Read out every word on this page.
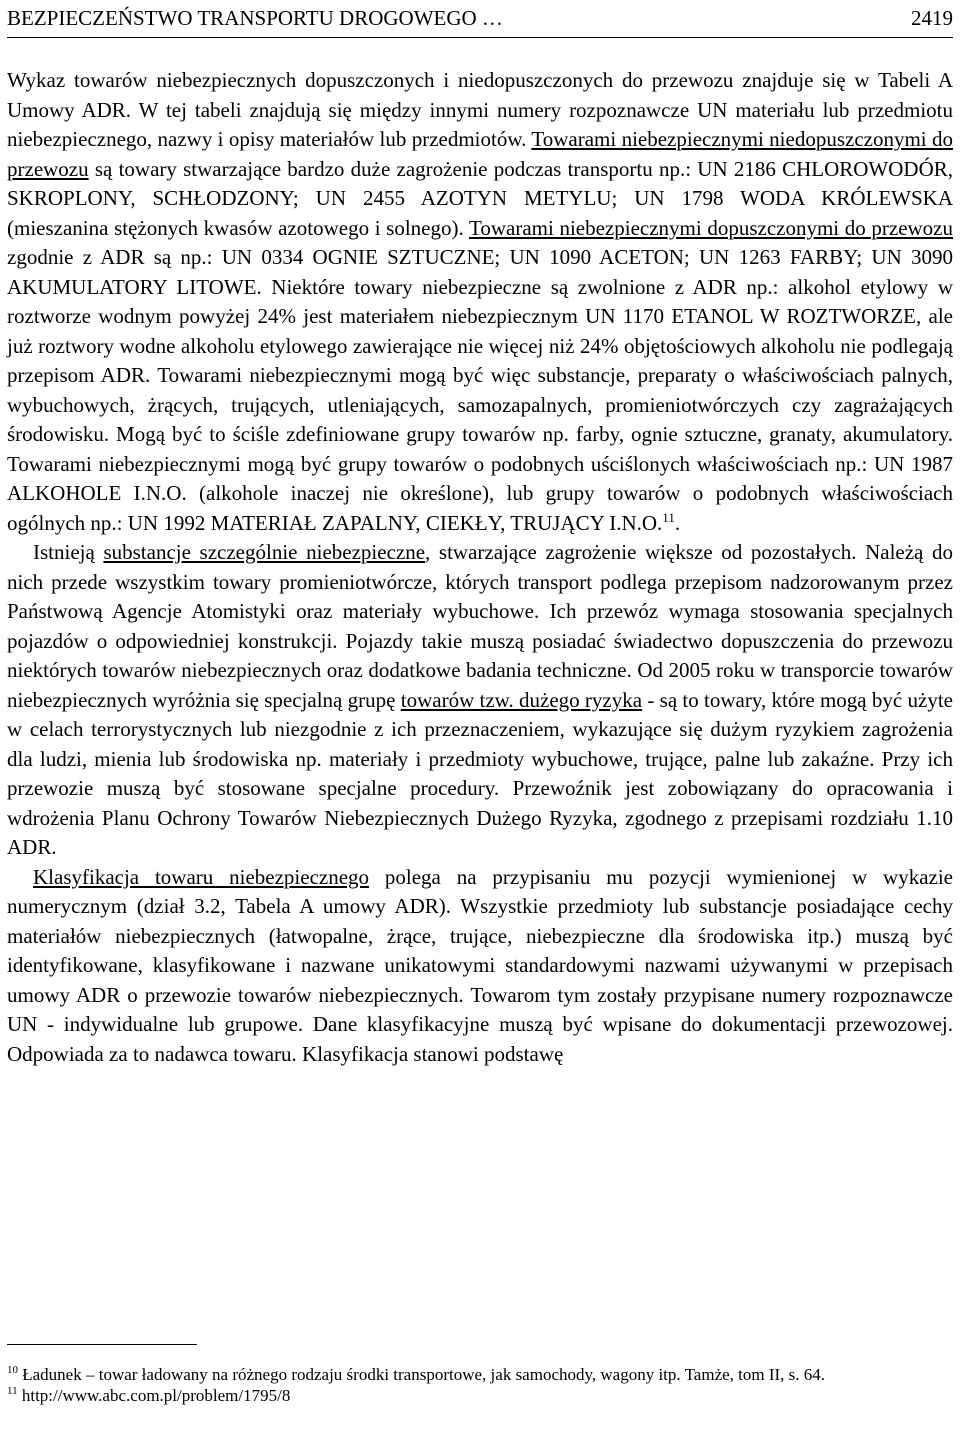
BEZPIECZEŃSTWO TRANSPORTU DROGOWEGO …	2419

Wykaz towarów niebezpiecznych dopuszczonych i niedopuszczonych do przewozu znajduje się w Tabeli A Umowy ADR. W tej tabeli znajdują się między innymi numery rozpoznawcze UN materiału lub przedmiotu niebezpiecznego, nazwy i opisy materiałów lub przedmiotów. Towarami niebezpiecznymi niedopuszczonymi do przewozu są towary stwarzające bardzo duże zagrożenie podczas transportu np.: UN 2186 CHLOROWODÓR, SKROPLONY, SCHŁODZONY; UN 2455 AZOTYN METYLU; UN 1798 WODA KRÓLEWSKA (mieszanina stężonych kwasów azotowego i solnego). Towarami niebezpiecznymi dopuszczonymi do przewozu zgodnie z ADR są np.: UN 0334 OGNIE SZTUCZNE; UN 1090 ACETON; UN 1263 FARBY; UN 3090 AKUMULATORY LITOWE. Niektóre towary niebezpieczne są zwolnione z ADR np.: alkohol etylowy w roztworze wodnym powyżej 24% jest materiałem niebezpiecznym UN 1170 ETANOL W ROZTWORZE, ale już roztwory wodne alkoholu etylowego zawierające nie więcej niż 24% objętościowych alkoholu nie podlegają przepisom ADR. Towarami niebezpiecznymi mogą być więc substancje, preparaty o właściwościach palnych, wybuchowych, żrących, trujących, utleniających, samozapalnych, promieniotwórczych czy zagrażających środowisku. Mogą być to ściśle zdefiniowane grupy towarów np. farby, ognie sztuczne, granaty, akumulatory. Towarami niebezpiecznymi mogą być grupy towarów o podobnych uściślonych właściwościach np.: UN 1987 ALKOHOLE I.N.O. (alkohole inaczej nie określone), lub grupy towarów o podobnych właściwościach ogólnych np.: UN 1992 MATERIAŁ ZAPALNY, CIEKŁY, TRUJĄCY I.N.O.$^{11}$.

Istnieją substancje szczególnie niebezpieczne, stwarzające zagrożenie większe od pozostałych. Należą do nich przede wszystkim towary promieniotwórcze, których transport podlega przepisom nadzorowanym przez Państwową Agencje Atomistyki oraz materiały wybuchowe. Ich przewóz wymaga stosowania specjalnych pojazdów o odpowiedniej konstrukcji. Pojazdy takie muszą posiadać świadectwo dopuszczenia do przewozu niektórych towarów niebezpiecznych oraz dodatkowe badania techniczne. Od 2005 roku w transporcie towarów niebezpiecznych wyróżnia się specjalną grupę towarów tzw. dużego ryzyka - są to towary, które mogą być użyte w celach terrorystycznych lub niezgodnie z ich przeznaczeniem, wykazujące się dużym ryzykiem zagrożenia dla ludzi, mienia lub środowiska np. materiały i przedmioty wybuchowe, trujące, palne lub zakaźne. Przy ich przewozie muszą być stosowane specjalne procedury. Przewoźnik jest zobowiązany do opracowania i wdrożenia Planu Ochrony Towarów Niebezpiecznych Dużego Ryzyka, zgodnego z przepisami rozdziału 1.10 ADR.

Klasyfikacja towaru niebezpiecznego polega na przypisaniu mu pozycji wymienionej w wykazie numerycznym (dział 3.2, Tabela A umowy ADR). Wszystkie przedmioty lub substancje posiadające cechy materiałów niebezpiecznych (łatwopalne, żrące, trujące, niebezpieczne dla środowiska itp.) muszą być identyfikowane, klasyfikowane i nazwane unikatowymi standardowymi nazwami używanymi w przepisach umowy ADR o przewozie towarów niebezpiecznych. Towarom tym zostały przypisane numery rozpoznawcze UN - indywidualne lub grupowe. Dane klasyfikacyjne muszą być wpisane do dokumentacji przewozowej. Odpowiada za to nadawca towaru. Klasyfikacja stanowi podstawę

$^{10}$ Ładunek – towar ładowany na różnego rodzaju środki transportowe, jak samochody, wagony itp. Tamże, tom II, s. 64.

$^{11}$ http://www.abc.com.pl/problem/1795/8
